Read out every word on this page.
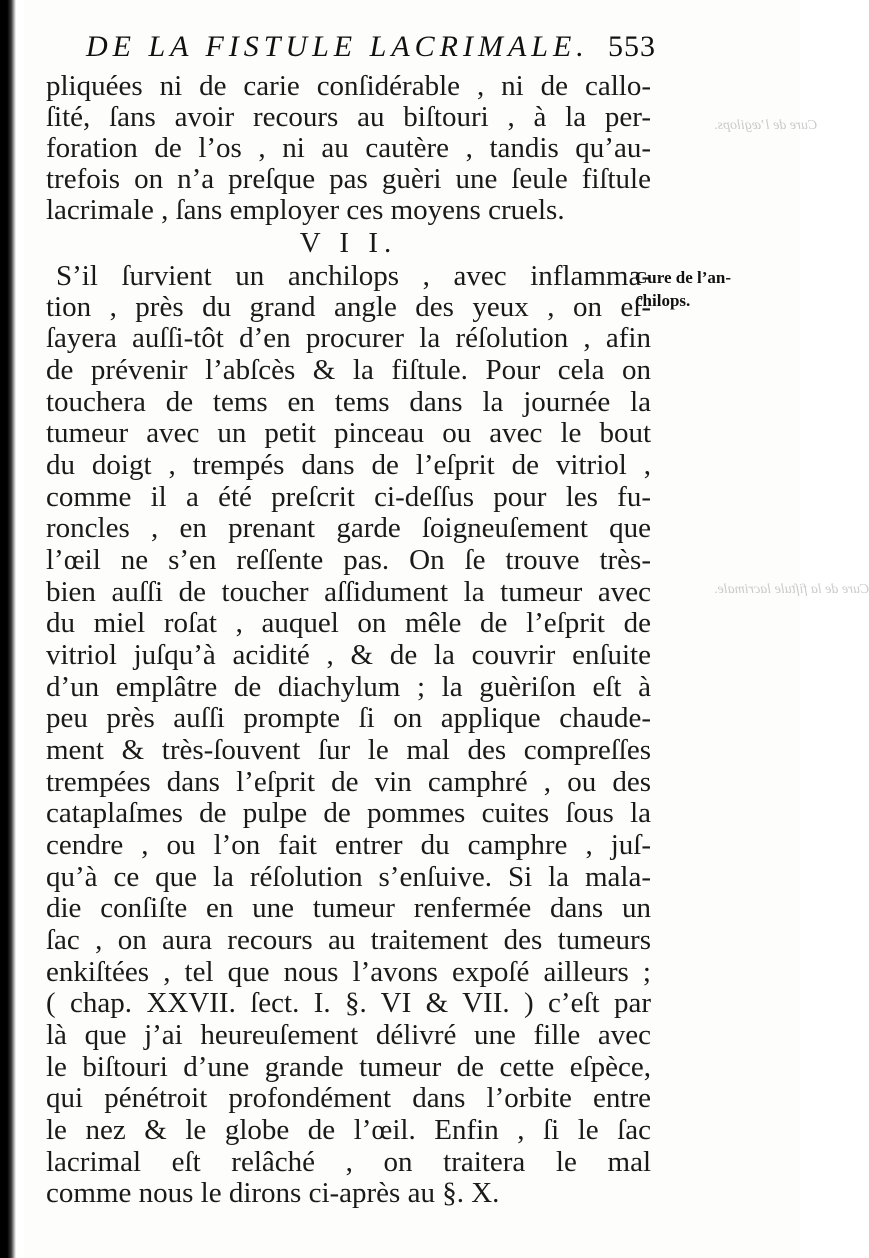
Cure de l’ægilops.
Cure de la fiſtule lacrimale.
DE LA FISTULE LACRIMALE. 553
pliquées ni de carie conſidérable , ni de callo-
ſité, ſans avoir recours au biſtouri , à la per-
foration de l’os , ni au cautère , tandis qu’au-
trefois on n’a preſque pas guèri une ſeule fiſtule
lacrimale , ſans employer ces moyens cruels.
V I I.
S’il ſurvient un anchilops , avec inflamma-
tion , près du grand angle des yeux , on eſ-
ſayera auſſi-tôt d’en procurer la réſolution , afin
de prévenir l’abſcès & la fiſtule. Pour cela on
touchera de tems en tems dans la journée la
tumeur avec un petit pinceau ou avec le bout
du doigt , trempés dans de l’eſprit de vitriol ,
comme il a été preſcrit ci-deſſus pour les fu-
roncles , en prenant garde ſoigneuſement que
l’œil ne s’en reſſente pas. On ſe trouve très-
bien auſſi de toucher aſſidument la tumeur avec
du miel roſat , auquel on mêle de l’eſprit de
vitriol juſqu’à acidité , & de la couvrir enſuite
d’un emplâtre de diachylum ; la guèriſon eſt à
peu près auſſi prompte ſi on applique chaude-
ment & très-ſouvent ſur le mal des compreſſes
trempées dans l’eſprit de vin camphré , ou des
cataplaſmes de pulpe de pommes cuites ſous la
cendre , ou l’on fait entrer du camphre , juſ-
qu’à ce que la réſolution s’enſuive. Si la mala-
die conſiſte en une tumeur renfermée dans un
ſac , on aura recours au traitement des tumeurs
enkiſtées , tel que nous l’avons expoſé ailleurs ;
( chap. XXVII. ſect. I. §. VI & VII. ) c’eſt par
là que j’ai heureuſement délivré une fille avec
le biſtouri d’une grande tumeur de cette eſpèce,
qui pénétroit profondément dans l’orbite entre
le nez & le globe de l’œil. Enfin , ſi le ſac
lacrimal eſt relâché , on traitera le mal
comme nous le dirons ci-après au §. X.
Cure de l’an-
chilops.
